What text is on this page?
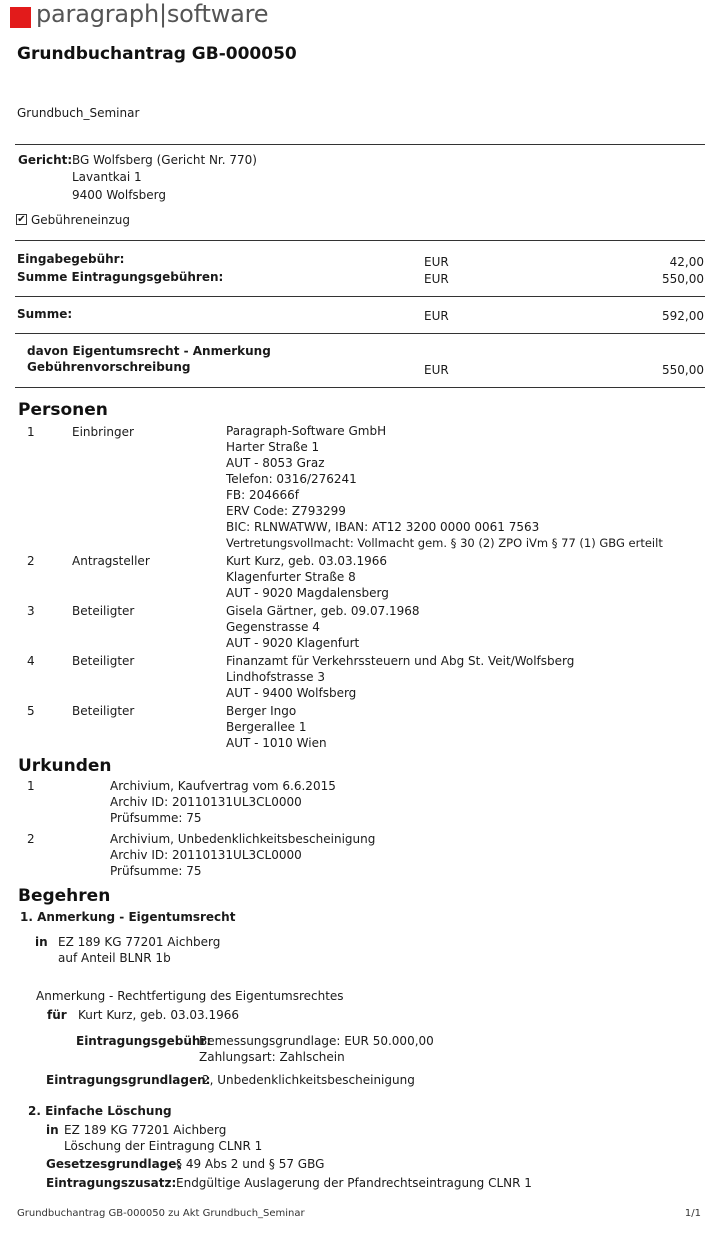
paragraph|software
Grundbuchantrag GB-000050
Grundbuch_Seminar
Gericht: BG Wolfsberg (Gericht Nr. 770)
Lavantkai 1
9400 Wolfsberg
✔ Gebühreneinzug
Eingabegebühr:	EUR	42,00
Summe Eintragungsgebühren:	EUR	550,00
Summe:	EUR	592,00
davon Eigentumsrecht - Anmerkung
Gebührenvorschreibung	EUR	550,00
Personen
1	Einbringer	Paragraph-Software GmbH
Harter Straße 1
AUT - 8053 Graz
Telefon: 0316/276241
FB: 204666f
ERV Code: Z793299
BIC: RLNWATWW, IBAN: AT12 3200 0000 0061 7563
Vertretungsvollmacht: Vollmacht gem. § 30 (2) ZPO iVm § 77 (1) GBG erteilt
2	Antragsteller	Kurt Kurz, geb. 03.03.1966
Klagenfurter Straße 8
AUT - 9020 Magdalensberg
3	Beteiligter	Gisela Gärtner, geb. 09.07.1968
Gegenstrasse 4
AUT - 9020 Klagenfurt
4	Beteiligter	Finanzamt für Verkehrssteuern und Abg St. Veit/Wolfsberg
Lindhofstrasse 3
AUT - 9400 Wolfsberg
5	Beteiligter	Berger Ingo
Bergerallee 1
AUT - 1010 Wien
Urkunden
1	Archivium, Kaufvertrag vom 6.6.2015
Archiv ID: 20110131UL3CL0000
Prüfsumme: 75
2	Archivium, Unbedenklichkeitsbescheinigung
Archiv ID: 20110131UL3CL0000
Prüfsumme: 75
Begehren
1. Anmerkung - Eigentumsrecht
in EZ 189 KG 77201 Aichberg
auf Anteil BLNR 1b
Anmerkung - Rechtfertigung des Eigentumsrechtes
für Kurt Kurz, geb. 03.03.1966
Eintragungsgebühr:
Bemessungsgrundlage: EUR 50.000,00
Zahlungsart: Zahlschein
Eintragungsgrundlagen:
2, Unbedenklichkeitsbescheinigung
2. Einfache Löschung
in EZ 189 KG 77201 Aichberg
Löschung der Eintragung CLNR 1
Gesetzesgrundlage:
§ 49 Abs 2 und § 57 GBG
Eintragungszusatz: Endgültige Auslagerung der Pfandrechtseintragung CLNR 1
Grundbuchantrag GB-000050 zu Akt Grundbuch_Seminar	1/1
